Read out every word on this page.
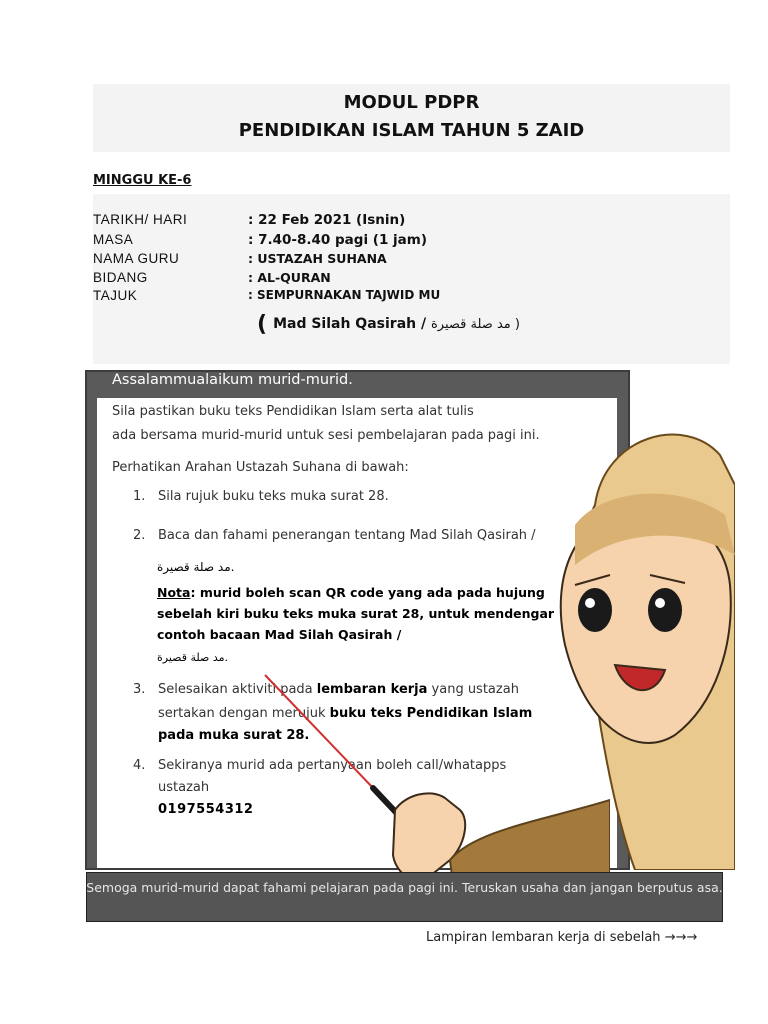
MODUL PDPR
PENDIDIKAN ISLAM TAHUN 5 ZAID
MINGGU KE-6
TARIKH/ HARI	: 22 Feb 2021 (Isnin)
MASA	: 7.40-8.40 pagi (1 jam)
NAMA GURU	: USTAZAH SUHANA
BIDANG	: AL-QURAN
TAJUK	: SEMPURNAKAN TAJWID MU
( Mad Silah Qasirah / مد صلة قصيرة )
Assalammualaikum murid-murid.
Sila pastikan buku teks Pendidikan Islam serta alat tulis
ada bersama murid-murid untuk sesi pembelajaran pada pagi ini.
Perhatikan Arahan Ustazah Suhana di bawah:
1. Sila rujuk buku teks muka surat 28.
2. Baca dan fahami penerangan tentang Mad Silah Qasirah /
مد صلة قصيرة.
Nota: murid boleh scan QR code yang ada pada hujung
sebelah kiri buku teks muka surat 28, untuk mendengar
contoh bacaan Mad Silah Qasirah /
مد صلة قصيرة.
3. Selesaikan aktiviti pada lembaran kerja yang ustazah
sertakan dengan merujuk buku teks Pendidikan Islam
pada muka surat 28.
4. Sekiranya murid ada pertanyaan boleh call/whatapps
ustazah
0197554312
Semoga murid-murid dapat fahami pelajaran pada pagi ini. Teruskan usaha dan jangan berputus asa.
Lampiran lembaran kerja di sebelah →→→
